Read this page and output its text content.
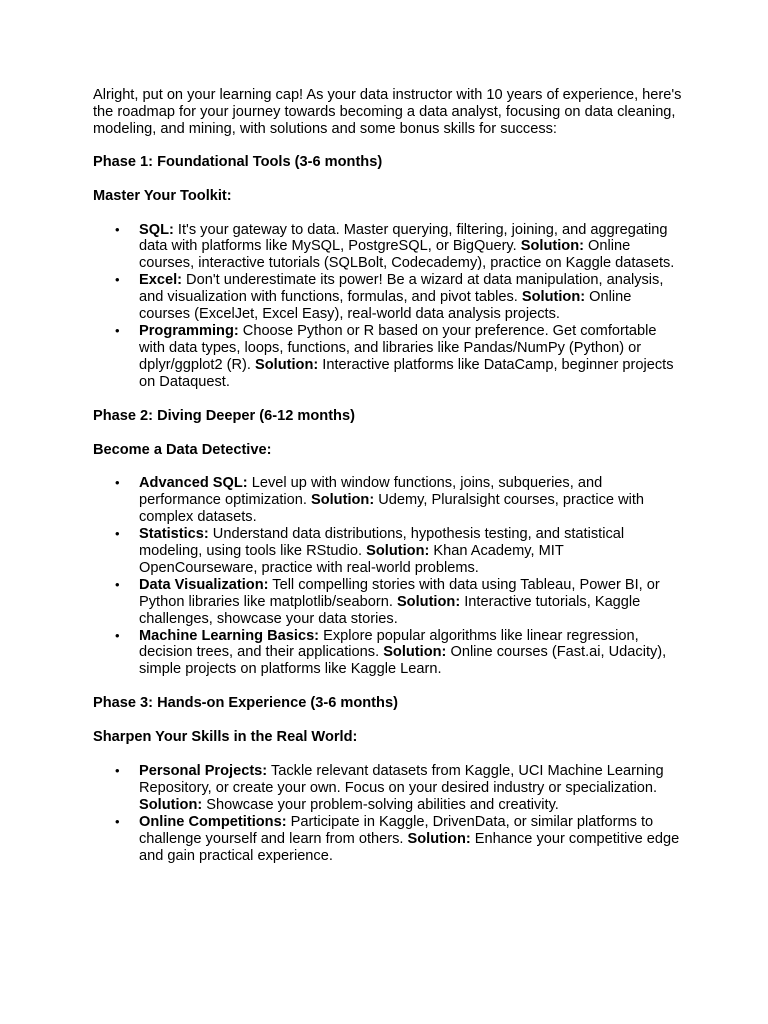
Alright, put on your learning cap! As your data instructor with 10 years of experience, here's the roadmap for your journey towards becoming a data analyst, focusing on data cleaning, modeling, and mining, with solutions and some bonus skills for success:

Phase 1: Foundational Tools (3-6 months)

Master Your Toolkit:

• SQL: It's your gateway to data. Master querying, filtering, joining, and aggregating data with platforms like MySQL, PostgreSQL, or BigQuery. Solution: Online courses, interactive tutorials (SQLBolt, Codecademy), practice on Kaggle datasets.
• Excel: Don't underestimate its power! Be a wizard at data manipulation, analysis, and visualization with functions, formulas, and pivot tables. Solution: Online courses (ExcelJet, Excel Easy), real-world data analysis projects.
• Programming: Choose Python or R based on your preference. Get comfortable with data types, loops, functions, and libraries like Pandas/NumPy (Python) or dplyr/ggplot2 (R). Solution: Interactive platforms like DataCamp, beginner projects on Dataquest.

Phase 2: Diving Deeper (6-12 months)

Become a Data Detective:

• Advanced SQL: Level up with window functions, joins, subqueries, and performance optimization. Solution: Udemy, Pluralsight courses, practice with complex datasets.
• Statistics: Understand data distributions, hypothesis testing, and statistical modeling, using tools like RStudio. Solution: Khan Academy, MIT OpenCourseware, practice with real-world problems.
• Data Visualization: Tell compelling stories with data using Tableau, Power BI, or Python libraries like matplotlib/seaborn. Solution: Interactive tutorials, Kaggle challenges, showcase your data stories.
• Machine Learning Basics: Explore popular algorithms like linear regression, decision trees, and their applications. Solution: Online courses (Fast.ai, Udacity), simple projects on platforms like Kaggle Learn.

Phase 3: Hands-on Experience (3-6 months)

Sharpen Your Skills in the Real World:

• Personal Projects: Tackle relevant datasets from Kaggle, UCI Machine Learning Repository, or create your own. Focus on your desired industry or specialization. Solution: Showcase your problem-solving abilities and creativity.
• Online Competitions: Participate in Kaggle, DrivenData, or similar platforms to challenge yourself and learn from others. Solution: Enhance your competitive edge and gain practical experience.
